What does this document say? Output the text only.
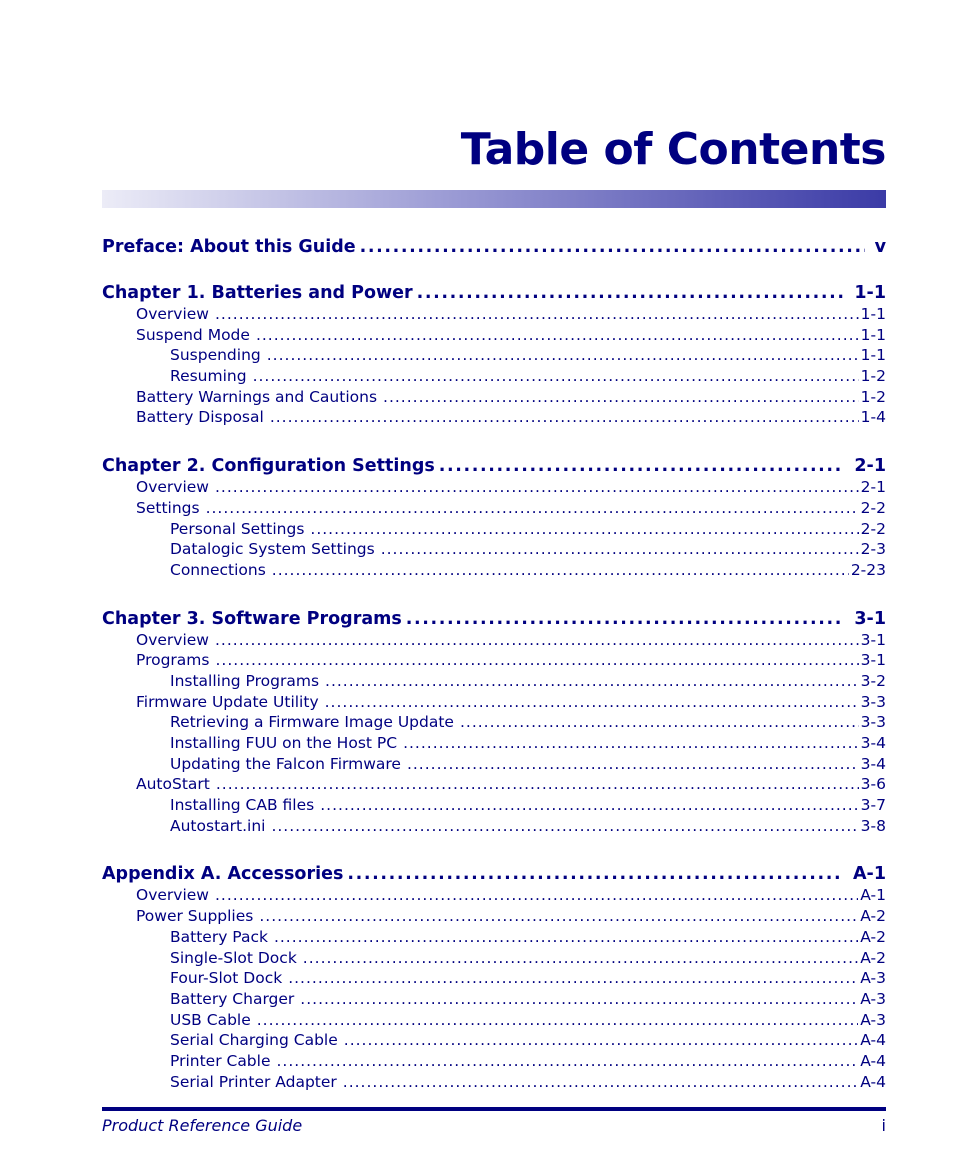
Table of Contents
Preface: About this Guide .....	v
Chapter 1. Batteries and Power .....	1-1
Overview .....	1-1
Suspend Mode .....	1-1
Suspending .....	1-1
Resuming .....	1-2
Battery Warnings and Cautions .....	1-2
Battery Disposal .....	1-4
Chapter 2. Configuration Settings .....	2-1
Overview .....	2-1
Settings .....	2-2
Personal Settings .....	2-2
Datalogic System Settings .....	2-3
Connections .....	2-23
Chapter 3. Software Programs .....	3-1
Overview .....	3-1
Programs .....	3-1
Installing Programs .....	3-2
Firmware Update Utility .....	3-3
Retrieving a Firmware Image Update .....	3-3
Installing FUU on the Host PC .....	3-4
Updating the Falcon Firmware .....	3-4
AutoStart .....	3-6
Installing CAB files .....	3-7
Autostart.ini .....	3-8
Appendix A. Accessories .....	A-1
Overview .....	A-1
Power Supplies .....	A-2
Battery Pack .....	A-2
Single-Slot Dock .....	A-2
Four-Slot Dock .....	A-3
Battery Charger .....	A-3
USB Cable .....	A-3
Serial Charging Cable .....	A-4
Printer Cable .....	A-4
Serial Printer Adapter .....	A-4
Product Reference Guide	i
